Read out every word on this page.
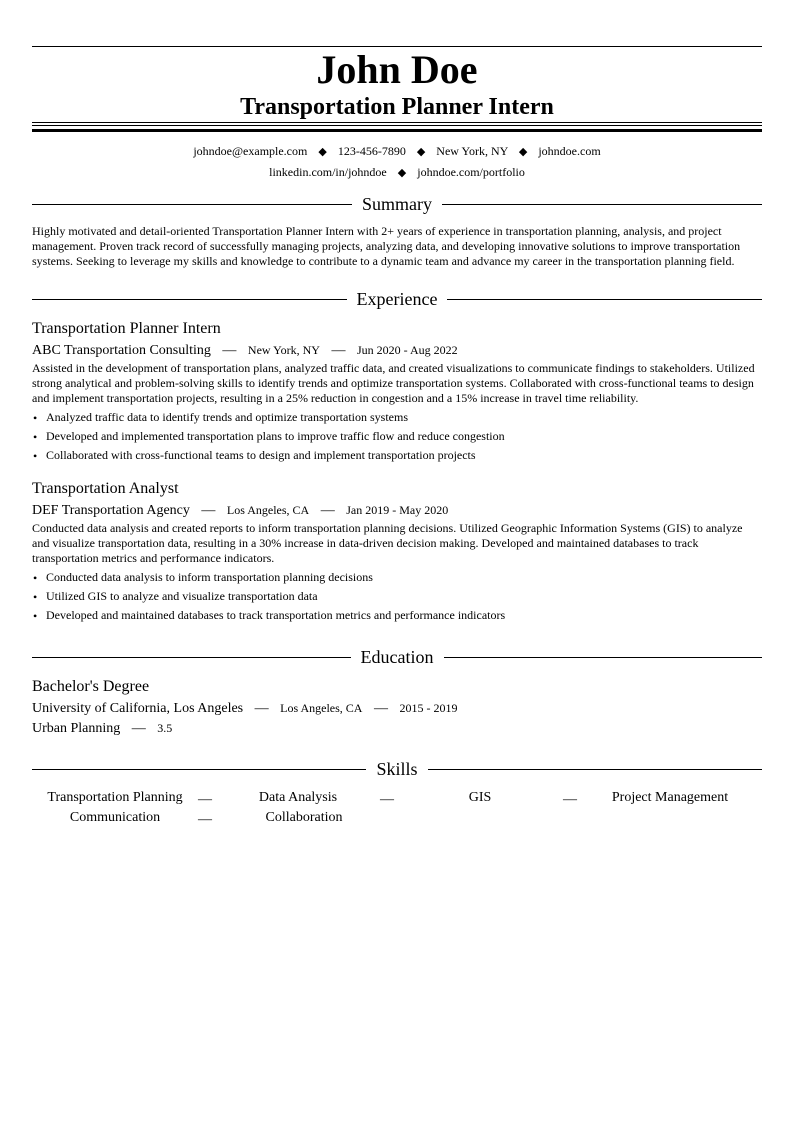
John Doe
Transportation Planner Intern
johndoe@example.com ◆ 123-456-7890 ◆ New York, NY ◆ johndoe.com
linkedin.com/in/johndoe ◆ johndoe.com/portfolio
Summary
Highly motivated and detail-oriented Transportation Planner Intern with 2+ years of experience in transportation planning, analysis, and project management. Proven track record of successfully managing projects, analyzing data, and developing innovative solutions to improve transportation systems. Seeking to leverage my skills and knowledge to contribute to a dynamic team and advance my career in the transportation planning field.
Experience
Transportation Planner Intern
ABC Transportation Consulting — New York, NY — Jun 2020 - Aug 2022
Assisted in the development of transportation plans, analyzed traffic data, and created visualizations to communicate findings to stakeholders. Utilized strong analytical and problem-solving skills to identify trends and optimize transportation systems. Collaborated with cross-functional teams to design and implement transportation projects, resulting in a 25% reduction in congestion and a 15% increase in travel time reliability.
• Analyzed traffic data to identify trends and optimize transportation systems
• Developed and implemented transportation plans to improve traffic flow and reduce congestion
• Collaborated with cross-functional teams to design and implement transportation projects
Transportation Analyst
DEF Transportation Agency — Los Angeles, CA — Jan 2019 - May 2020
Conducted data analysis and created reports to inform transportation planning decisions. Utilized Geographic Information Systems (GIS) to analyze and visualize transportation data, resulting in a 30% increase in data-driven decision making. Developed and maintained databases to track transportation metrics and performance indicators.
• Conducted data analysis to inform transportation planning decisions
• Utilized GIS to analyze and visualize transportation data
• Developed and maintained databases to track transportation metrics and performance indicators
Education
Bachelor's Degree
University of California, Los Angeles — Los Angeles, CA — 2015 - 2019
Urban Planning — 3.5
Skills
Transportation Planning	—	Data Analysis	—	GIS	—	Project Management
Communication	—	Collaboration
